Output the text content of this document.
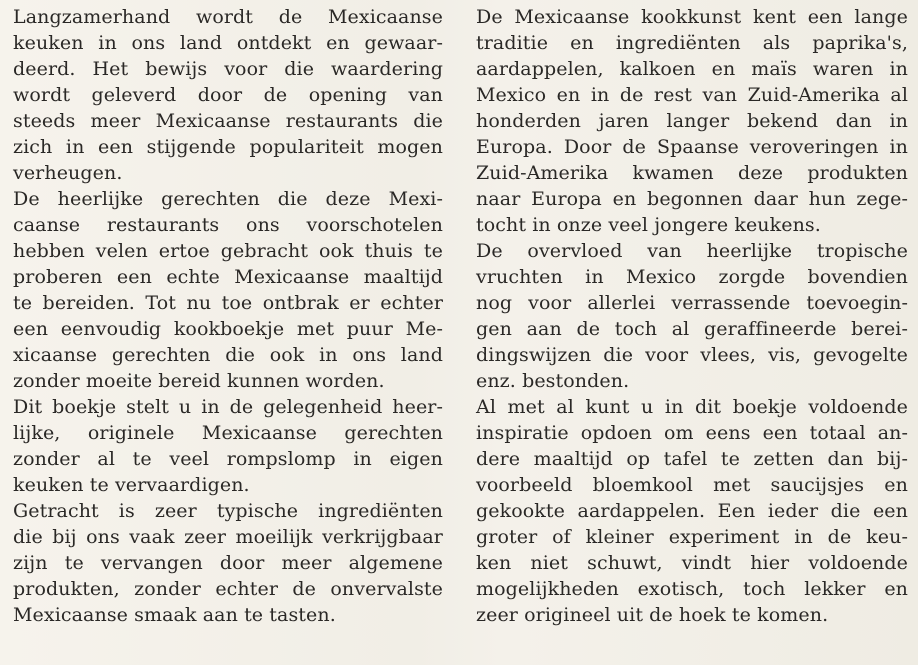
Langzamerhand wordt de Mexicaanse
keuken in ons land ontdekt en gewaar-
deerd. Het bewijs voor die waardering
wordt geleverd door de opening van
steeds meer Mexicaanse restaurants die
zich in een stijgende populariteit mogen
verheugen.
De heerlijke gerechten die deze Mexi-
caanse restaurants ons voorschotelen
hebben velen ertoe gebracht ook thuis te
proberen een echte Mexicaanse maaltijd
te bereiden. Tot nu toe ontbrak er echter
een eenvoudig kookboekje met puur Me-
xicaanse gerechten die ook in ons land
zonder moeite bereid kunnen worden.
Dit boekje stelt u in de gelegenheid heer-
lijke, originele Mexicaanse gerechten
zonder al te veel rompslomp in eigen
keuken te vervaardigen.
Getracht is zeer typische ingrediënten
die bij ons vaak zeer moeilijk verkrijgbaar
zijn te vervangen door meer algemene
produkten, zonder echter de onvervalste
Mexicaanse smaak aan te tasten.
De Mexicaanse kookkunst kent een lange
traditie en ingrediënten als paprika's,
aardappelen, kalkoen en maïs waren in
Mexico en in de rest van Zuid-Amerika al
honderden jaren langer bekend dan in
Europa. Door de Spaanse veroveringen in
Zuid-Amerika kwamen deze produkten
naar Europa en begonnen daar hun zege-
tocht in onze veel jongere keukens.
De overvloed van heerlijke tropische
vruchten in Mexico zorgde bovendien
nog voor allerlei verrassende toevoegin-
gen aan de toch al geraffineerde berei-
dingswijzen die voor vlees, vis, gevogelte
enz. bestonden.
Al met al kunt u in dit boekje voldoende
inspiratie opdoen om eens een totaal an-
dere maaltijd op tafel te zetten dan bij-
voorbeeld bloemkool met saucijsjes en
gekookte aardappelen. Een ieder die een
groter of kleiner experiment in de keu-
ken niet schuwt, vindt hier voldoende
mogelijkheden exotisch, toch lekker en
zeer origineel uit de hoek te komen.
